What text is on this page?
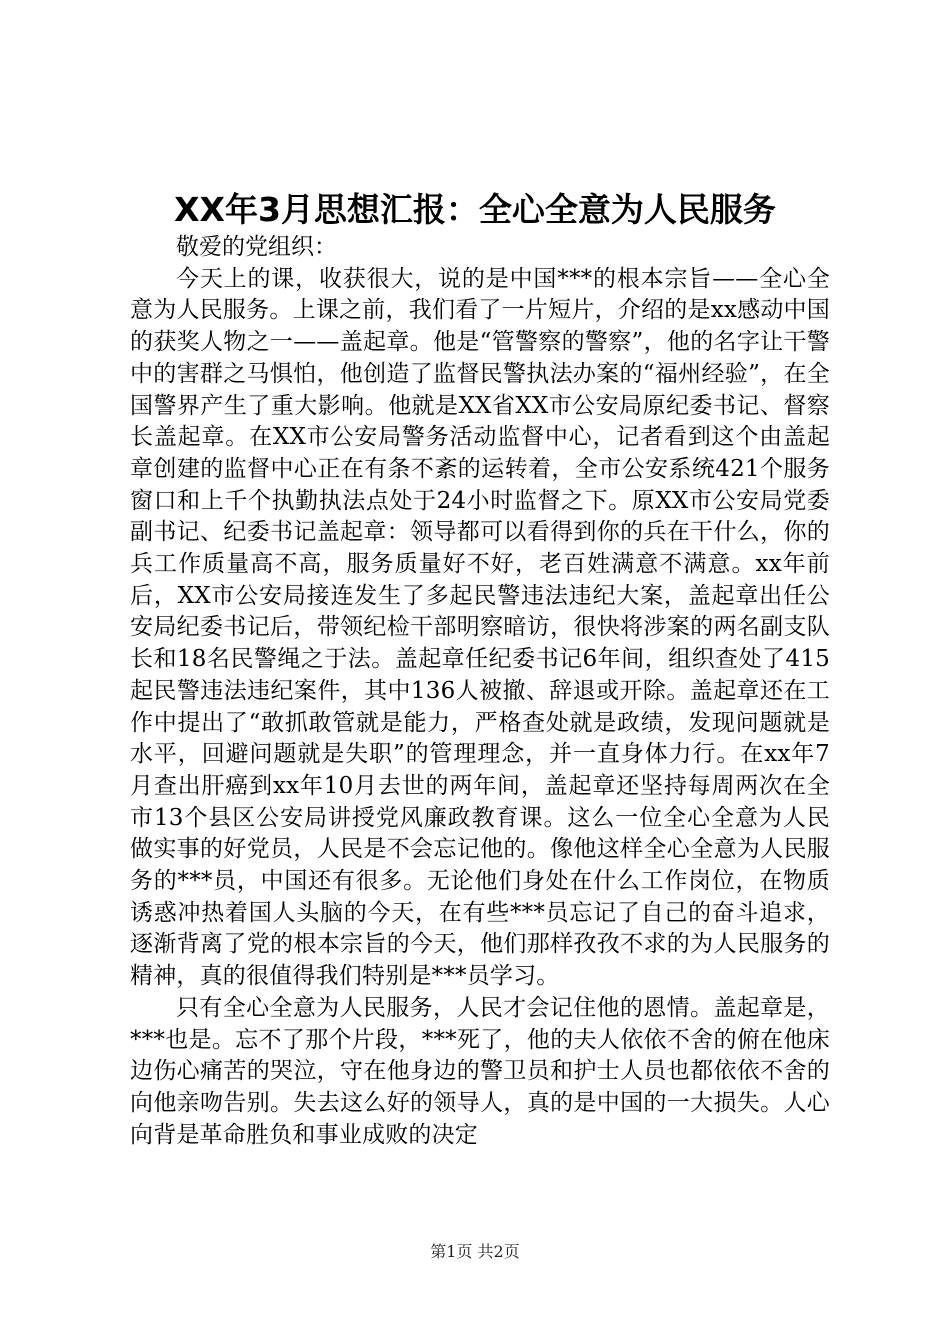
XX年3月思想汇报：全心全意为人民服务

敬爱的党组织：

今天上的课，收获很大，说的是中国***的根本宗旨——全心全意为人民服务。上课之前，我们看了一片短片，介绍的是xx感动中国的获奖人物之一——盖起章。他是“管警察的警察”，他的名字让干警中的害群之马惧怕，他创造了监督民警执法办案的“福州经验”，在全国警界产生了重大影响。他就是XX省XX市公安局原纪委书记、督察长盖起章。在XX市公安局警务活动监督中心，记者看到这个由盖起章创建的监督中心正在有条不紊的运转着，全市公安系统421个服务窗口和上千个执勤执法点处于24小时监督之下。原XX市公安局党委副书记、纪委书记盖起章：领导都可以看得到你的兵在干什么，你的兵工作质量高不高，服务质量好不好，老百姓满意不满意。xx年前后，XX市公安局接连发生了多起民警违法违纪大案，盖起章出任公安局纪委书记后，带领纪检干部明察暗访，很快将涉案的两名副支队长和18名民警绳之于法。盖起章任纪委书记6年间，组织查处了415起民警违法违纪案件，其中136人被撤、辞退或开除。盖起章还在工作中提出了“敢抓敢管就是能力，严格查处就是政绩，发现问题就是水平，回避问题就是失职”的管理理念，并一直身体力行。在xx年7月查出肝癌到xx年10月去世的两年间，盖起章还坚持每周两次在全市13个县区公安局讲授党风廉政教育课。这么一位全心全意为人民做实事的好党员，人民是不会忘记他的。像他这样全心全意为人民服务的***员，中国还有很多。无论他们身处在什么工作岗位，在物质诱惑冲热着国人头脑的今天，在有些***员忘记了自己的奋斗追求，逐渐背离了党的根本宗旨的今天，他们那样孜孜不求的为人民服务的精神，真的很值得我们特别是***员学习。

只有全心全意为人民服务，人民才会记住他的恩情。盖起章是，***也是。忘不了那个片段，***死了，他的夫人依依不舍的俯在他床边伤心痛苦的哭泣，守在他身边的警卫员和护士人员也都依依不舍的向他亲吻告别。失去这么好的领导人，真的是中国的一大损失。人心向背是革命胜负和事业成败的决定

第1页 共2页
